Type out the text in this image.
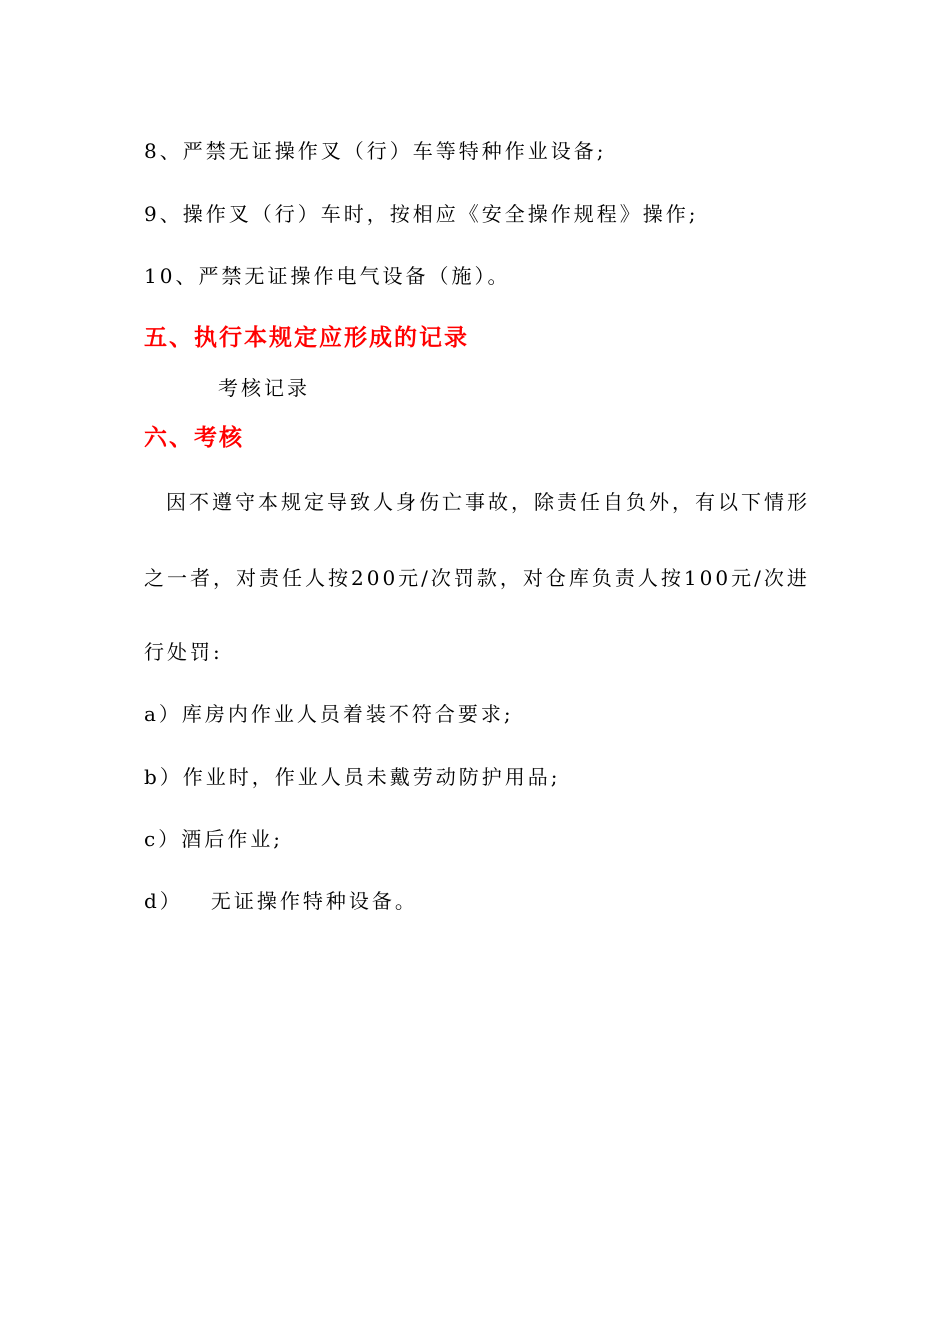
8、严禁无证操作叉（行）车等特种作业设备;
9、操作叉（行）车时，按相应《安全操作规程》操作;
10、严禁无证操作电气设备（施）。
五、执行本规定应形成的记录
考核记录
六、考核
因不遵守本规定导致人身伤亡事故，除责任自负外，有以下情形
之一者，对责任人按200元/次罚款，对仓库负责人按100元/次进
行处罚:
a）库房内作业人员着装不符合要求;
b）作业时，作业人员未戴劳动防护用品;
c）酒后作业;
d）   无证操作特种设备。
